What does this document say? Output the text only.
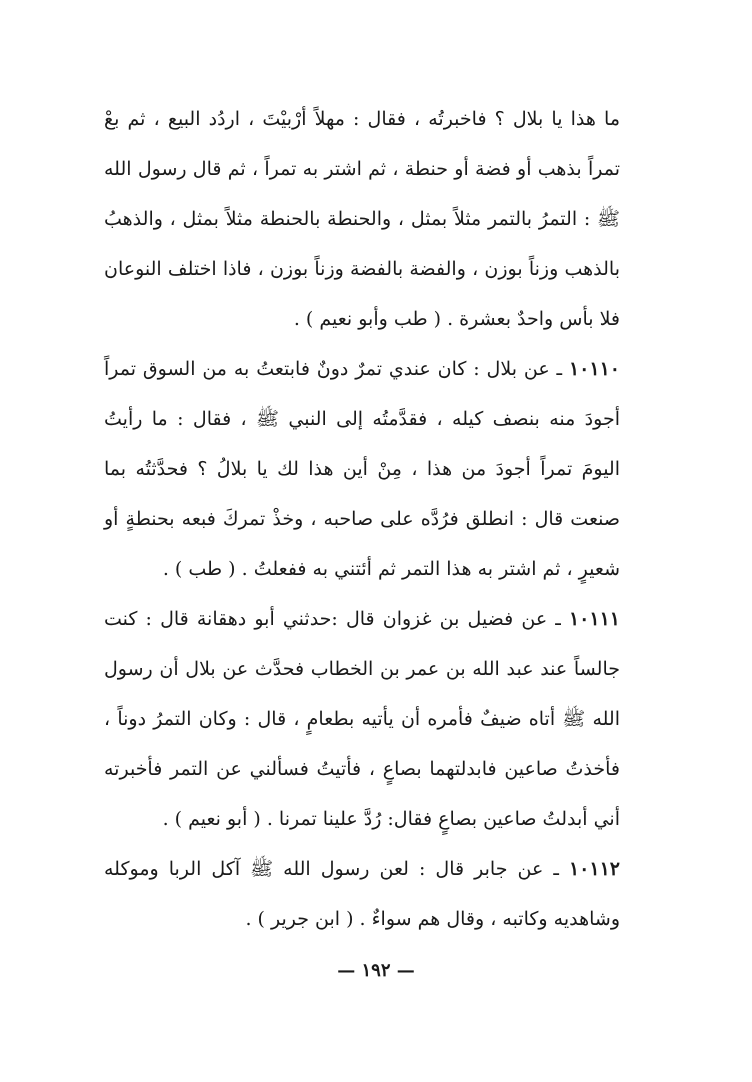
ما هذا يا بلال ؟ فاخبرتُه ، فقال : مهلاً أرْبيْتَ ، اردُد البيع ، ثم بعْ تمراً بذهب أو فضة أو حنطة ، ثم اشتر به تمراً ، ثم قال رسول الله ﷺ : التمرُ بالتمر مثلاً بمثل ، والحنطة بالحنطة مثلاً بمثل ، والذهبُ بالذهب وزناً بوزن ، والفضة بالفضة وزناً بوزن ، فاذا اختلف النوعان فلا بأس واحدٌ بعشرة . ( طب وأبو نعيم ) .

١٠١١٠ ـ عن بلال : كان عندي تمرٌ دونٌ فابتعتُ به من السوق تمراً أجودَ منه بنصف كيله ، فقدَّمتُه إلى النبي ﷺ ، فقال : ما رأيتُ اليومَ تمراً أجودَ من هذا ، مِنْ أين هذا لك يا بلالُ ؟ فحدَّثتُه بما صنعت قال : انطلق فرُدَّه على صاحبه ، وخذْ تمركَ فبعه بحنطةٍ أو شعيرٍ ، ثم اشتر به هذا التمر ثم أئتني به ففعلتُ . ( طب ) .

١٠١١١ ـ عن فضيل بن غزوان قال :حدثني أبو دهقانة قال : كنت جالساً عند عبد الله بن عمر بن الخطاب فحدَّث عن بلال أن رسول الله ﷺ أتاه ضيفٌ فأمره أن يأتيه بطعامٍ ، قال : وكان التمرُ دوناً ، فأخذتُ صاعين فابدلتهما بصاعٍ ، فأتيتُ فسألني عن التمر فأخبرته أني أبدلتُ صاعين بصاعٍ فقال: رُدَّ علينا تمرنا . ( أبو نعيم ) .

١٠١١٢ ـ عن جابر قال : لعن رسول الله ﷺ آكل الربا وموكله وشاهديه وكاتبه ، وقال هم سواءٌ . ( ابن جرير ) .

— ١٩٢ —
